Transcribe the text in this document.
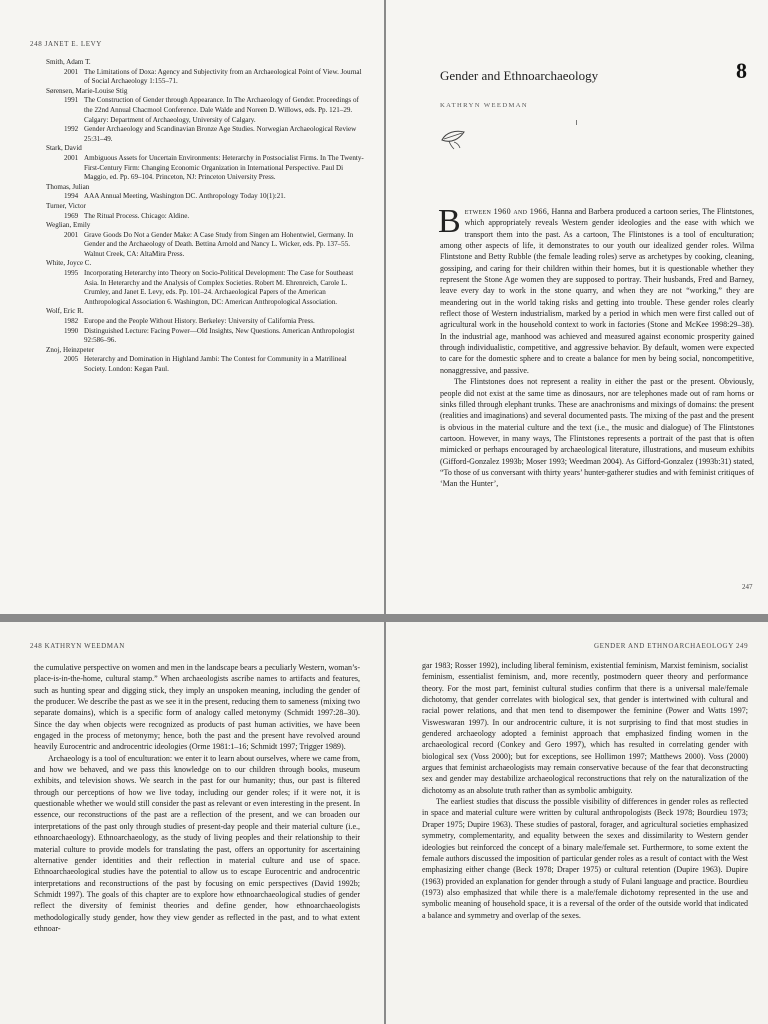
248 JANET E. LEVY
Smith, Adam T.
2001 The Limitations of Doxa: Agency and Subjectivity from an Archaeological Point of View. Journal of Social Archaeology 1:155–71.
Sørensen, Marie-Louise Stig
1991 The Construction of Gender through Appearance. In The Archaeology of Gender. Proceedings of the 22nd Annual Chacmool Conference. Dale Walde and Noreen D. Willows, eds. Pp. 121–29. Calgary: Department of Archaeology, University of Calgary.
1992 Gender Archaeology and Scandinavian Bronze Age Studies. Norwegian Archaeological Review 25:31–49.
Stark, David
2001 Ambiguous Assets for Uncertain Environments: Heterarchy in Postsocialist Firms. In The Twenty-First-Century Firm: Changing Economic Organization in International Perspective. Paul Di Maggio, ed. Pp. 69–104. Princeton, NJ: Princeton University Press.
Thomas, Julian
1994 AAA Annual Meeting, Washington DC. Anthropology Today 10(1):21.
Turner, Victor
1969 The Ritual Process. Chicago: Aldine.
Weglian, Emily
2001 Grave Goods Do Not a Gender Make: A Case Study from Singen am Hohentwiel, Germany. In Gender and the Archaeology of Death. Bettina Arnold and Nancy L. Wicker, eds. Pp. 137–55. Walnut Creek, CA: AltaMira Press.
White, Joyce C.
1995 Incorporating Heterarchy into Theory on Socio-Political Development: The Case for Southeast Asia. In Heterarchy and the Analysis of Complex Societies. Robert M. Ehrenreich, Carole L. Crumley, and Janet E. Levy, eds. Pp. 101–24. Archaeological Papers of the American Anthropological Association 6. Washington, DC: American Anthropological Association.
Wolf, Eric R.
1982 Europe and the People Without History. Berkeley: University of California Press.
1990 Distinguished Lecture: Facing Power—Old Insights, New Questions. American Anthropologist 92:586–96.
Znoj, Heinzpeter
2005 Heterarchy and Domination in Highland Jambi: The Contest for Community in a Matrilineal Society. London: Kegan Paul.
Gender and Ethnoarchaeology	8
KATHRYN WEEDMAN

Between 1960 and 1966, Hanna and Barbera produced a cartoon series, The Flintstones, which appropriately reveals Western gender ideologies and the ease with which we transport them into the past. As a cartoon, The Flintstones is a tool of enculturation; among other aspects of life, it demonstrates to our youth our idealized gender roles. Wilma Flintstone and Betty Rubble (the female leading roles) serve as archetypes by cooking, cleaning, gossiping, and caring for their children within their homes, but it is questionable whether they represent the Stone Age women they are supposed to portray. Their husbands, Fred and Barney, leave every day to work in the stone quarry, and when they are not “working,” they are meandering out in the world taking risks and getting into trouble. These gender roles clearly reflect those of Western industrialism, marked by a period in which men were first called out of agricultural work in the household context to work in factories (Stone and McKee 1998:29–38). In the industrial age, manhood was achieved and measured against economic prosperity gained through individualistic, competitive, and aggressive behavior. By default, women were expected to care for the domestic sphere and to create a balance for men by being social, noncompetitive, nonaggressive, and passive.

The Flintstones does not represent a reality in either the past or the present. Obviously, people did not exist at the same time as dinosaurs, nor are telephones made out of ram horns or sinks filled through elephant trunks. These are anachronisms and mixings of domains: the present (realities and imaginations) and several documented pasts. The mixing of the past and the present is obvious in the material culture and the text (i.e., the music and dialogue) of The Flintstones cartoon. However, in many ways, The Flintstones represents a portrait of the past that is often mimicked or perhaps encouraged by archaeological literature, illustrations, and museum exhibits (Gifford-Gonzalez 1993b; Moser 1993; Weedman 2004). As Gifford-Gonzalez (1993b:31) stated, “To those of us conversant with thirty years’ hunter-gatherer studies and with feminist critiques of ‘Man the Hunter’,

247
248 KATHRYN WEEDMAN

the cumulative perspective on women and men in the landscape bears a peculiarly Western, woman’s-place-is-in-the-home, cultural stamp.” When archaeologists ascribe names to artifacts and features, such as hunting spear and digging stick, they imply an unspoken meaning, including the gender of the producer. We describe the past as we see it in the present, reducing them to sameness (mixing two separate domains), which is a specific form of analogy called metonymy (Schmidt 1997:28–30). Since the day when objects were recognized as products of past human activities, we have been engaged in the process of metonymy; hence, both the past and the present have revolved around heavily Eurocentric and androcentric ideologies (Orme 1981:1–16; Schmidt 1997; Trigger 1989).

Archaeology is a tool of enculturation: we enter it to learn about ourselves, where we came from, and how we behaved, and we pass this knowledge on to our children through books, museum exhibits, and television shows. We search in the past for our humanity; thus, our past is filtered through our perceptions of how we live today, including our gender roles; if it were not, it is questionable whether we would still consider the past as relevant or even interesting in the present. In essence, our reconstructions of the past are a reflection of the present, and we can broaden our interpretations of the past only through studies of present-day people and their material culture (i.e., ethnoarchaeology). Ethnoarchaeology, as the study of living peoples and their relationship to their material culture to provide models for translating the past, offers an opportunity for ascertaining alternative gender identities and their reflection in material culture and use of space. Ethnoarchaeological studies have the potential to allow us to escape Eurocentric and androcentric interpretations and reconstructions of the past by focusing on emic perspectives (David 1992b; Schmidt 1997). The goals of this chapter are to explore how ethnoarchaeological studies of gender reflect the diversity of feminist theories and define gender, how ethnoarchaeologists methodologically study gender, how they view gender as reflected in the past, and to what extent ethnoar-

GENDER AND ETHNOARCHAEOLOGY 249

gar 1983; Rosser 1992), including liberal feminism, existential feminism, Marxist feminism, socialist feminism, essentialist feminism, and, more recently, postmodern queer theory and performance theory. For the most part, feminist cultural studies confirm that there is a universal male/female dichotomy, that gender correlates with biological sex, that gender is intertwined with cultural and racial power relations, and that men tend to disempower the feminine (Power and Watts 1997; Visweswaran 1997). In our androcentric culture, it is not surprising to find that most studies in gendered archaeology adopted a feminist approach that emphasized finding women in the archaeological record (Conkey and Gero 1997), which has resulted in correlating gender with biological sex (Voss 2000); but for exceptions, see Hollimon 1997; Matthews 2000). Voss (2000) argues that feminist archaeologists may remain conservative because of the fear that deconstructing sex and gender may destabilize archaeological reconstructions that rely on the naturalization of the dichotomy as an absolute truth rather than as symbolic ambiguity.

The earliest studies that discuss the possible visibility of differences in gender roles as reflected in space and material culture were written by cultural anthropologists (Beck 1978; Bourdieu 1973; Draper 1975; Dupire 1963). These studies of pastoral, forager, and agricultural societies emphasized symmetry, complementarity, and equality between the sexes and dissimilarity to Western gender ideologies but reinforced the concept of a binary male/female set. Furthermore, to some extent the female authors discussed the imposition of particular gender roles as a result of contact with the West emphasizing either change (Beck 1978; Draper 1975) or cultural retention (Dupire 1963). Dupire (1963) provided an explanation for gender through a study of Fulani language and practice. Bourdieu (1973) also emphasized that while there is a male/female dichotomy represented in the use and symbolic meaning of household space, it is a reversal of the order of the outside world that indicated a balance and symmetry and overlap of the sexes.
